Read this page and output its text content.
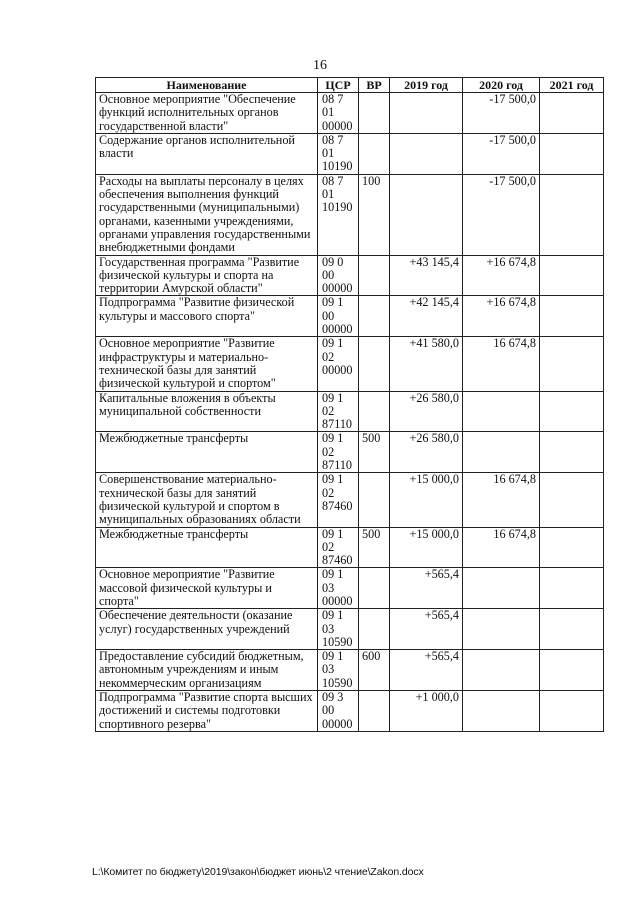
16
Наименование	ЦСР	ВР	2019 год	2020 год	2021 год
Основное мероприятие "Обеспечение функций исполнительных органов государственной власти"	08 7
01
00000			-17 500,0	
Содержание органов исполнительной власти	08 7
01
10190			-17 500,0	
Расходы на выплаты персоналу в целях обеспечения выполнения функций государственными (муниципальными) органами, казенными учреждениями, органами управления государственными внебюджетными фондами	08 7
01
10190	100		-17 500,0	
Государственная программа "Развитие физической культуры и спорта на территории Амурской области"	09 0
00
00000		+43 145,4	+16 674,8	
Подпрограмма "Развитие физической культуры и массового спорта"	09 1
00
00000		+42 145,4	+16 674,8	
Основное мероприятие "Развитие инфраструктуры и материально-технической базы для занятий физической культурой и спортом"	09 1
02
00000		+41 580,0	16 674,8	
Капитальные вложения в объекты муниципальной собственности	09 1
02
87110		+26 580,0		
Межбюджетные трансферты	09 1
02
87110	500	+26 580,0		
Совершенствование материально-технической базы для занятий физической культурой и спортом в муниципальных образованиях области	09 1
02
87460		+15 000,0	16 674,8	
Межбюджетные трансферты	09 1
02
87460	500	+15 000,0	16 674,8	
Основное мероприятие "Развитие массовой физической культуры и спорта"	09 1
03
00000		+565,4		
Обеспечение деятельности (оказание услуг) государственных учреждений	09 1
03
10590		+565,4		
Предоставление субсидий бюджетным, автономным учреждениям и иным некоммерческим организациям	09 1
03
10590	600	+565,4		
Подпрограмма "Развитие спорта высших достижений и системы подготовки спортивного резерва"	09 3
00
00000		+1 000,0		
L:\Комитет по бюджету\2019\закон\бюджет июнь\2 чтение\Zakon.docx
